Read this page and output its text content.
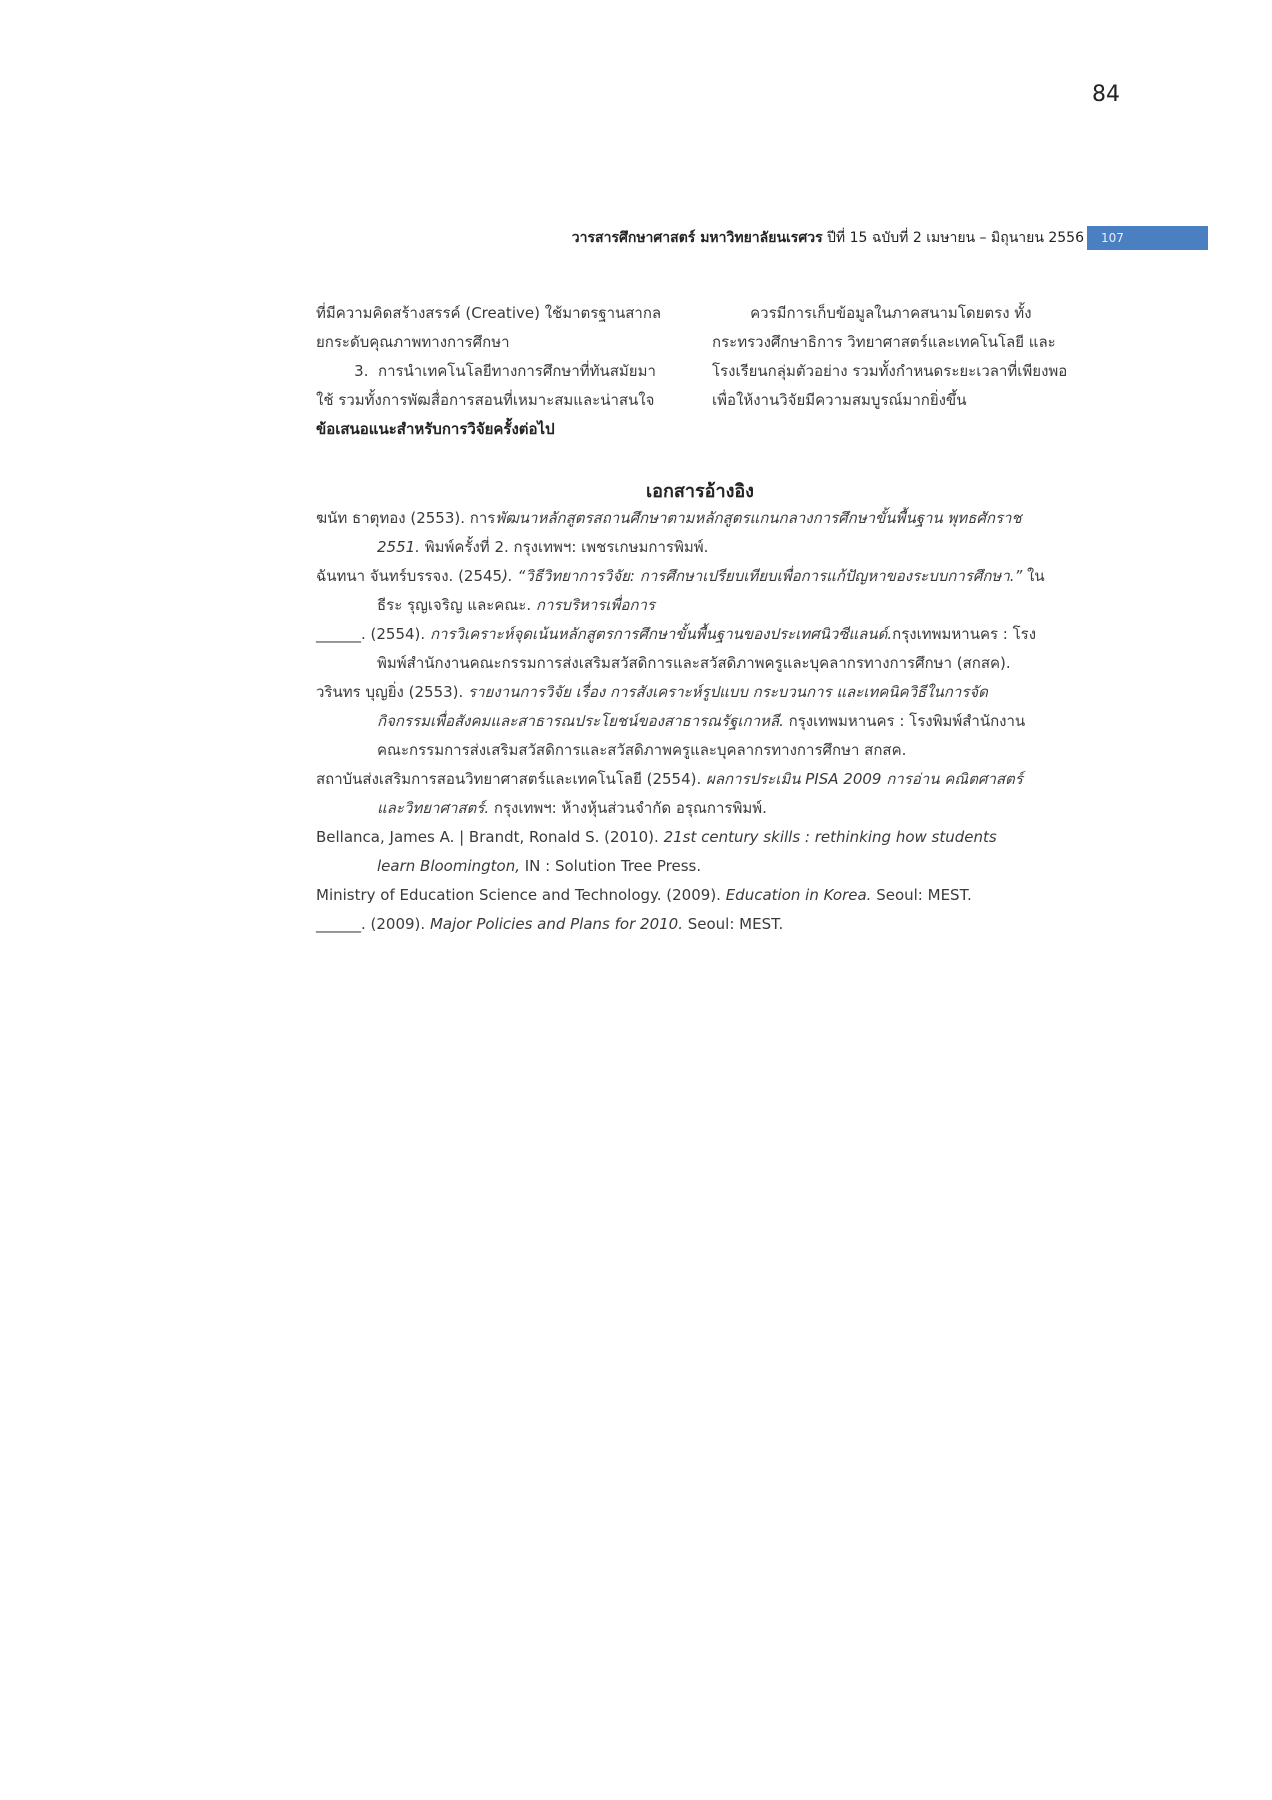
84
วารสารศึกษาศาสตร์ มหาวิทยาลัยนเรศวร ปีที่ 15 ฉบับที่ 2 เมษายน – มิถุนายน 2556	107
ที่มีความคิดสร้างสรรค์ (Creative) ใช้มาตรฐานสากล
ยกระดับคุณภาพทางการศึกษา
3.  การนำเทคโนโลยีทางการศึกษาที่ทันสมัยมา
ใช้ รวมทั้งการพัฒสื่อการสอนที่เหมาะสมและน่าสนใจ
ข้อเสนอแนะสำหรับการวิจัยครั้งต่อไป
ควรมีการเก็บข้อมูลในภาคสนามโดยตรง ทั้ง
กระทรวงศึกษาธิการ วิทยาศาสตร์และเทคโนโลยี และ
โรงเรียนกลุ่มตัวอย่าง รวมทั้งกำหนดระยะเวลาที่เพียงพอ
เพื่อให้งานวิจัยมีความสมบูรณ์มากยิ่งขึ้น
เอกสารอ้างอิง
ฆนัท ธาตุทอง (2553). การพัฒนาหลักสูตรสถานศึกษาตามหลักสูตรแกนกลางการศึกษาขั้นพื้นฐาน พุทธศักราช
2551. พิมพ์ครั้งที่ 2. กรุงเทพฯ: เพชรเกษมการพิมพ์.
ฉันทนา จันทร์บรรจง. (2545). “วิธีวิทยาการวิจัย: การศึกษาเปรียบเทียบเพื่อการแก้ปัญหาของระบบการศึกษา.” ใน
ธีระ รุญเจริญ และคณะ. การบริหารเพื่อการ
______. (2554). การวิเคราะห์จุดเน้นหลักสูตรการศึกษาขั้นพื้นฐานของประเทศนิวซีแลนด์.กรุงเทพมหานคร : โรง
พิมพ์สำนักงานคณะกรรมการส่งเสริมสวัสดิการและสวัสดิภาพครูและบุคลากรทางการศึกษา (สกสค).
วรินทร บุญยิ่ง (2553). รายงานการวิจัย เรื่อง การสังเคราะห์รูปแบบ กระบวนการ และเทคนิควิธีในการจัด
กิจกรรมเพื่อสังคมและสาธารณประโยชน์ของสาธารณรัฐเกาหลี. กรุงเทพมหานคร : โรงพิมพ์สำนักงาน
คณะกรรมการส่งเสริมสวัสดิการและสวัสดิภาพครูและบุคลากรทางการศึกษา สกสค.
สถาบันส่งเสริมการสอนวิทยาศาสตร์และเทคโนโลยี (2554). ผลการประเมิน PISA 2009 การอ่าน คณิตศาสตร์
และวิทยาศาสตร์. กรุงเทพฯ: ห้างหุ้นส่วนจำกัด อรุณการพิมพ์.
Bellanca, James A. | Brandt, Ronald S. (2010). 21st century skills : rethinking how students
learn Bloomington, IN : Solution Tree Press.
Ministry of Education Science and Technology. (2009). Education in Korea. Seoul: MEST.
______. (2009). Major Policies and Plans for 2010. Seoul: MEST.
